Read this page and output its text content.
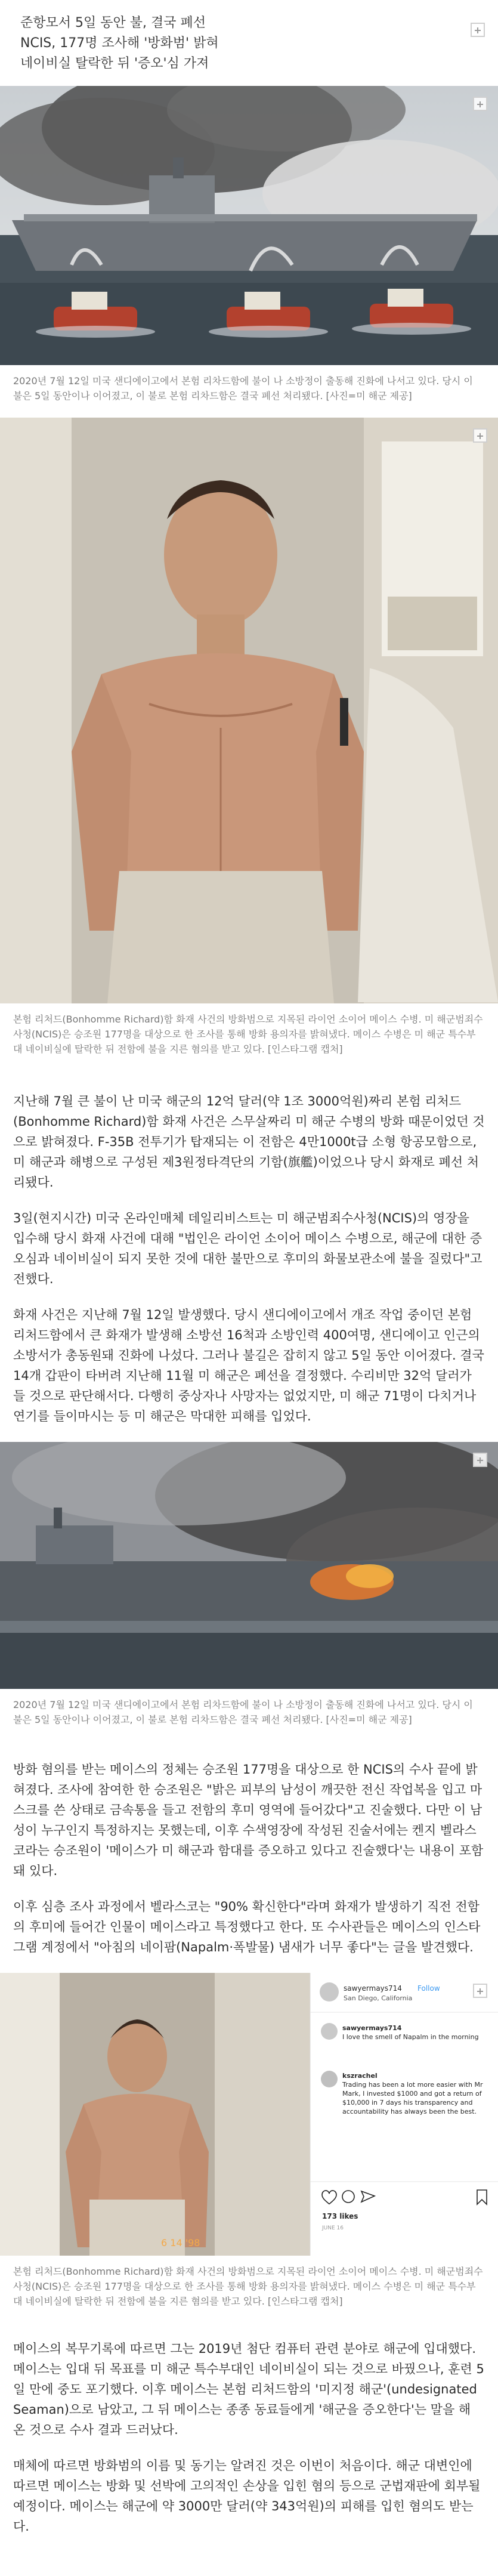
준항모서 5일 동안 불, 결국 폐선
NCIS, 177명 조사해 '방화범' 밝혀
네이비실 탈락한 뒤 '증오'심 가져
2020년 7월 12일 미국 샌디에이고에서 본험 리차드함에 불이 나 소방정이 출동해 진화에 나서고 있다. 당시 이 불은 5일 동안이나 이어졌고, 이 불로 본험 리차드함은 결국 폐선 처리됐다. [사진=미 해군 제공]
본험 리처드(Bonhomme Richard)함 화재 사건의 방화범으로 지목된 라이언 소이어 메이스 수병. 미 해군범죄수사청(NCIS)은 승조원 177명을 대상으로 한 조사를 통해 방화 용의자를 밝혀냈다. 메이스 수병은 미 해군 특수부대 네이비실에 탈락한 뒤 전함에 불을 지른 혐의를 받고 있다. [인스타그램 캡처]

지난해 7월 큰 불이 난 미국 해군의 12억 달러(약 1조 3000억원)짜리 본험 리처드(Bonhomme Richard)함 화재 사건은 스무살짜리 미 해군 수병의 방화 때문이었던 것으로 밝혀졌다. F-35B 전투기가 탑재되는 이 전함은 4만1000t급 소형 항공모함으로, 미 해군과 해병으로 구성된 제3원정타격단의 기함(旗艦)이었으나 당시 화재로 폐선 처리됐다.

3일(현지시간) 미국 온라인매체 데일리비스트는 미 해군범죄수사청(NCIS)의 영장을 입수해 당시 화재 사건에 대해 "법인은 라이언 소이어 메이스 수병으로, 해군에 대한 증오심과 네이비실이 되지 못한 것에 대한 불만으로 후미의 화물보관소에 불을 질렀다"고 전했다.

화재 사건은 지난해 7월 12일 발생했다. 당시 샌디에이고에서 개조 작업 중이던 본험 리처드함에서 큰 화재가 발생해 소방선 16척과 소방인력 400여명, 샌디에이고 인근의 소방서가 총동원돼 진화에 나섰다. 그러나 불길은 잡히지 않고 5일 동안 이어졌다. 결국 14개 갑판이 타버려 지난해 11월 미 해군은 폐선을 결정했다. 수리비만 32억 달러가 들 것으로 판단해서다. 다행히 중상자나 사망자는 없었지만, 미 해군 71명이 다치거나 연기를 들이마시는 등 미 해군은 막대한 피해를 입었다.

2020년 7월 12일 미국 샌디에이고에서 본험 리차드함에 불이 나 소방정이 출동해 진화에 나서고 있다. 당시 이 불은 5일 동안이나 이어졌고, 이 불로 본험 리차드함은 결국 폐선 처리됐다. [사진=미 해군 제공]

방화 혐의를 받는 메이스의 정체는 승조원 177명을 대상으로 한 NCIS의 수사 끝에 밝혀졌다. 조사에 참여한 한 승조원은 "밝은 피부의 남성이 깨끗한 전신 작업복을 입고 마스크를 쓴 상태로 금속통을 들고 전함의 후미 영역에 들어갔다"고 진술했다. 다만 이 남성이 누구인지 특정하지는 못했는데, 이후 수색영장에 작성된 진술서에는 켄지 벨라스코라는 승조원이 '메이스가 미 해군과 함대를 증오하고 있다고 진술했다'는 내용이 포함돼 있다.

이후 심층 조사 과정에서 벨라스코는 "90% 확신한다"라며 화재가 발생하기 직전 전함의 후미에 들어간 인물이 메이스라고 특정했다고 한다. 또 수사관들은 메이스의 인스타그램 계정에서 "아침의 네이팜(Napalm·폭발물) 냄새가 너무 좋다"는 글을 발견했다.

6 14 '98
sawyermays714 Follow
San Diego, California
sawyermays714
I love the smell of Napalm in the morning
kszrachel
Trading has been a lot more easier with Mr Mark, I invested $1000 and got a return of $10,000 in 7 days his transparency and accountability has always been the best.
173 likes
JUNE 16
본험 리처드(Bonhomme Richard)함 화재 사건의 방화범으로 지목된 라이언 소이어 메이스 수병. 미 해군범죄수사청(NCIS)은 승조원 177명을 대상으로 한 조사를 통해 방화 용의자를 밝혀냈다. 메이스 수병은 미 해군 특수부대 네이비실에 탈락한 뒤 전함에 불을 지른 혐의를 받고 있다. [인스타그램 캡처]

메이스의 복무기록에 따르면 그는 2019년 첨단 컴퓨터 관련 분야로 해군에 입대했다. 메이스는 입대 뒤 목표를 미 해군 특수부대인 네이비실이 되는 것으로 바꿨으나, 훈련 5일 만에 중도 포기했다. 이후 메이스는 본험 리처드함의 '미지정 해군'(undesignated Seaman)으로 남았고, 그 뒤 메이스는 종종 동료들에게 '해군을 증오한다'는 말을 해 온 것으로 수사 결과 드러났다.

매체에 따르면 방화범의 이름 및 동기는 알려진 것은 이번이 처음이다. 해군 대변인에 따르면 메이스는 방화 및 선박에 고의적인 손상을 입힌 혐의 등으로 군법재판에 회부될 예정이다. 메이스는 해군에 약 3000만 달러(약 343억원)의 피해를 입힌 혐의도 받는다.
